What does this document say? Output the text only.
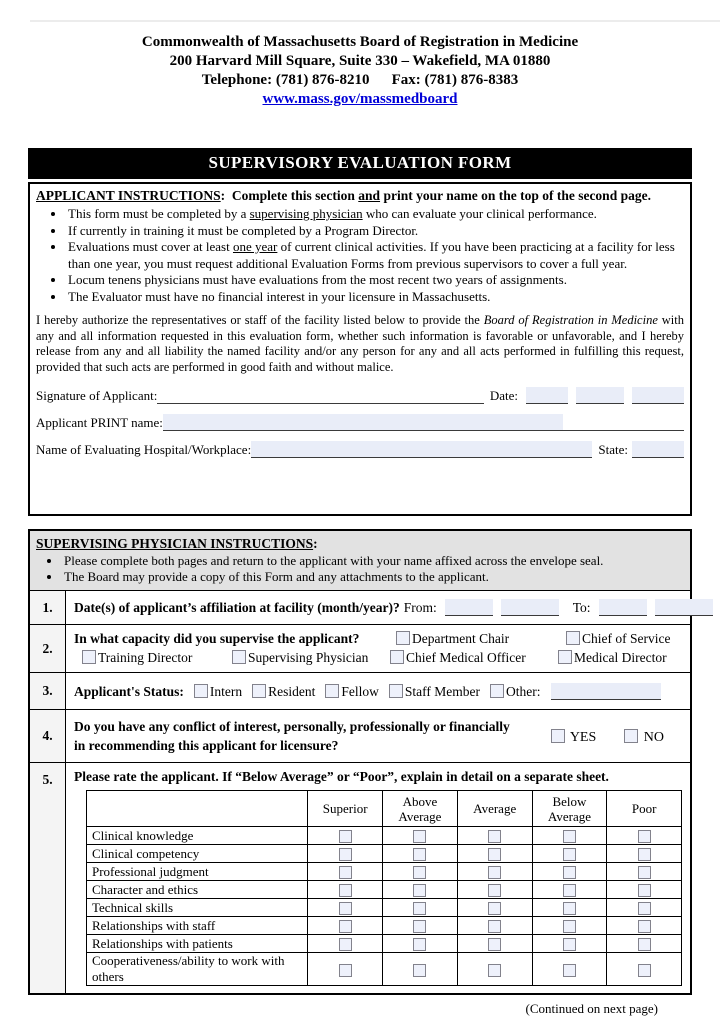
Commonwealth of Massachusetts Board of Registration in Medicine
200 Harvard Mill Square, Suite 330 – Wakefield, MA 01880
Telephone: (781) 876-8210 Fax: (781) 876-8383
www.mass.gov/massmedboard
SUPERVISORY EVALUATION FORM
APPLICANT INSTRUCTIONS: Complete this section and print your name on the top of the second page.
• This form must be completed by a supervising physician who can evaluate your clinical performance.
• If currently in training it must be completed by a Program Director.
• Evaluations must cover at least one year of current clinical activities. If you have been practicing at a facility for less than one year, you must request additional Evaluation Forms from previous supervisors to cover a full year.
• Locum tenens physicians must have evaluations from the most recent two years of assignments.
• The Evaluator must have no financial interest in your licensure in Massachusetts.

I hereby authorize the representatives or staff of the facility listed below to provide the Board of Registration in Medicine with any and all information requested in this evaluation form, whether such information is favorable or unfavorable, and I hereby release from any and all liability the named facility and/or any person for any and all acts performed in fulfilling this request, provided that such acts are performed in good faith and without malice.

Signature of Applicant:	Date:
Applicant PRINT name:
Name of Evaluating Hospital/Workplace:	State:
SUPERVISING PHYSICIAN INSTRUCTIONS:
• Please complete both pages and return to the applicant with your name affixed across the envelope seal.
• The Board may provide a copy of this Form and any attachments to the applicant.
1.	Date(s) of applicant’s affiliation at facility (month/year)? From:	To:
2.
In what capacity did you supervise the applicant?	Department Chair	Chief of Service
Training Director	Supervising Physician	Chief Medical Officer	Medical Director
3.	Applicant's Status:	Intern	Resident	Fellow	Staff Member	Other:
4.
Do you have any conflict of interest, personally, professionally or financially
in recommending this applicant for licensure?
YES	NO
5.	Please rate the applicant. If “Below Average” or “Poor”, explain in detail on a separate sheet.
	Superior	Above Average	Average	Below Average	Poor
Clinical knowledge					
Clinical competency					
Professional judgment					
Character and ethics					
Technical skills					
Relationships with staff					
Relationships with patients					
Cooperativeness/ability to work with others					
(Continued on next page)
